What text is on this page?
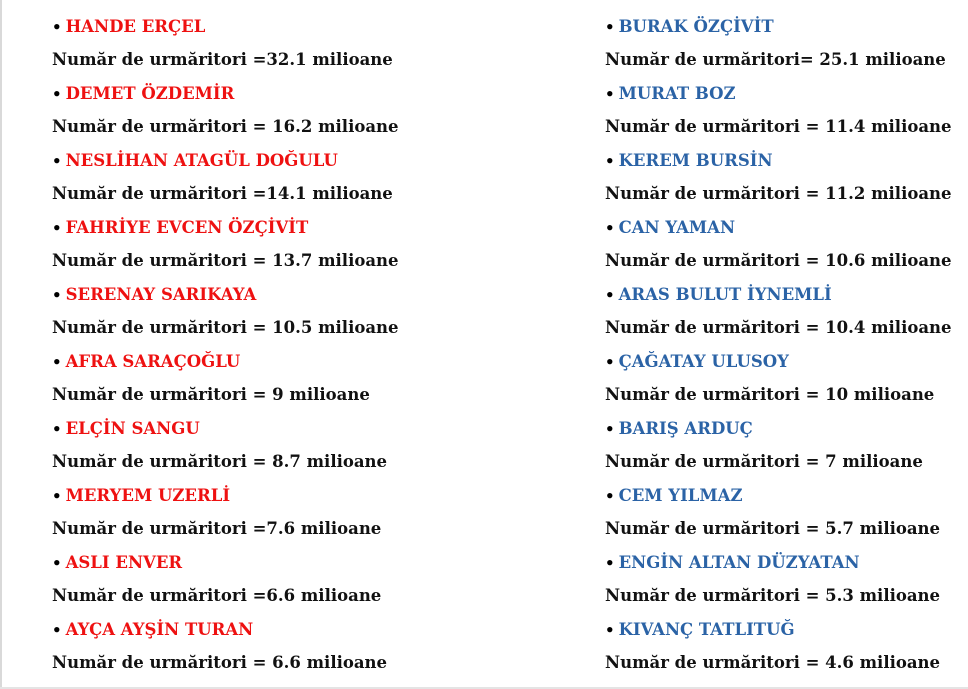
• HANDE ERÇEL
Număr de urmăritori =32.1 milioane
• DEMET ÖZDEMİR
Număr de urmăritori = 16.2 milioane
• NESLİHAN ATAGÜL DOĞULU
Număr de urmăritori =14.1 milioane
• FAHRİYE EVCEN ÖZÇİVİT
Număr de urmăritori = 13.7 milioane
• SERENAY SARIKAYA
Număr de urmăritori = 10.5 milioane
• AFRA SARAÇOĞLU
Număr de urmăritori = 9 milioane
• ELÇİN SANGU
Număr de urmăritori = 8.7 milioane
• MERYEM UZERLİ
Număr de urmăritori =7.6 milioane
• ASLI ENVER
Număr de urmăritori =6.6 milioane
• AYÇA AYŞİN TURAN
Număr de urmăritori = 6.6 milioane
• BURAK ÖZÇİVİT
Număr de urmăritori= 25.1 milioane
• MURAT BOZ
Număr de urmăritori = 11.4 milioane
• KEREM BURSİN
Număr de urmăritori = 11.2 milioane
• CAN YAMAN
Număr de urmăritori = 10.6 milioane
• ARAS BULUT İYNEMLİ
Număr de urmăritori = 10.4 milioane
• ÇAĞATAY ULUSOY
Număr de urmăritori = 10 milioane
• BARIŞ ARDUÇ
Număr de urmăritori = 7 milioane
• CEM YILMAZ
Număr de urmăritori = 5.7 milioane
• ENGİN ALTAN DÜZYATAN
Număr de urmăritori = 5.3 milioane
• KIVANÇ TATLITUĞ
Număr de urmăritori = 4.6 milioane
